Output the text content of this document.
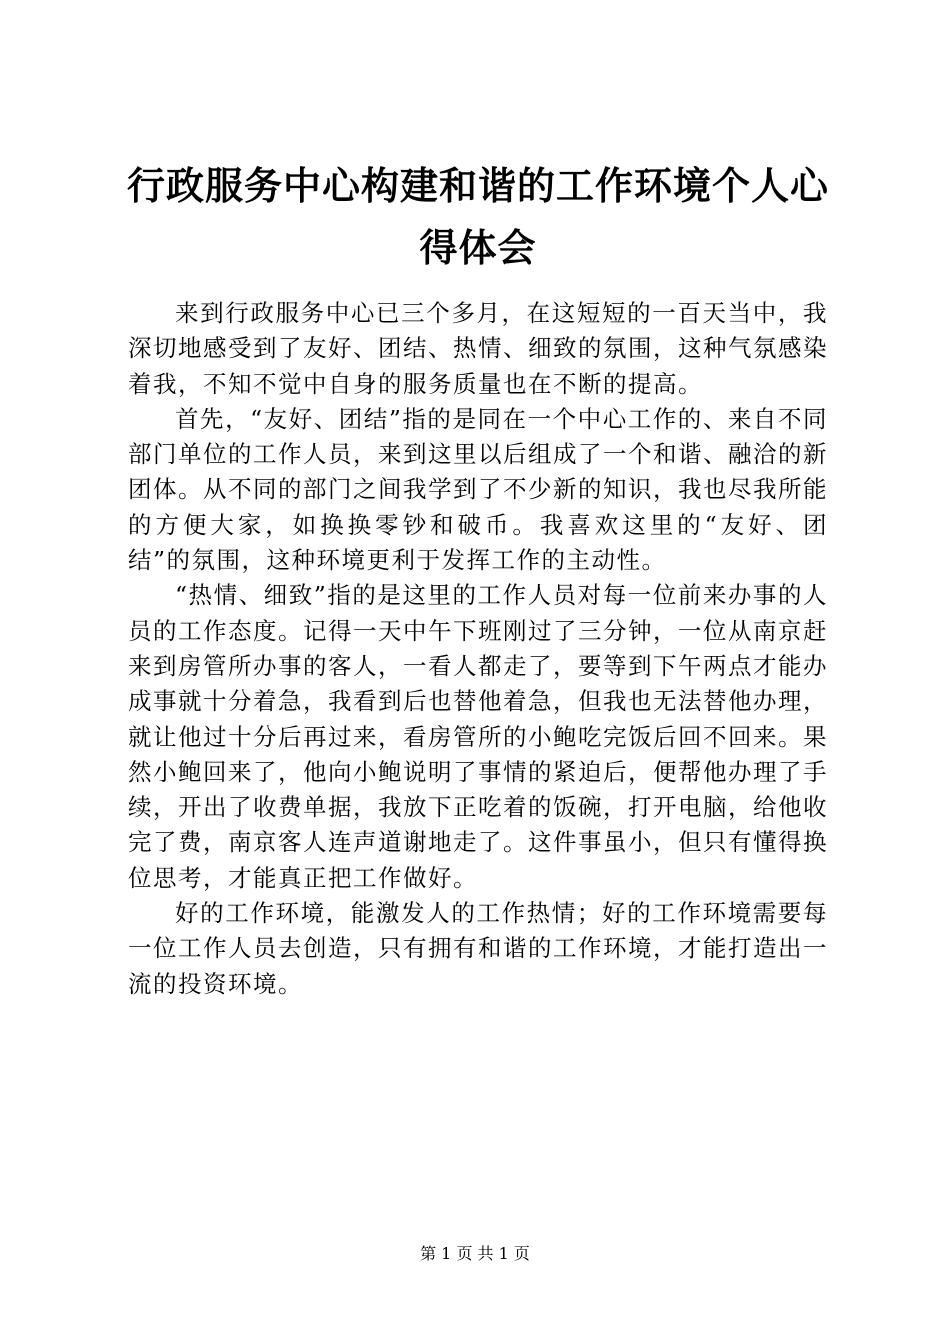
行政服务中心构建和谐的工作环境个人心得体会

来到行政服务中心已三个多月，在这短短的一百天当中，我深切地感受到了友好、团结、热情、细致的氛围，这种气氛感染着我，不知不觉中自身的服务质量也在不断的提高。

首先，“友好、团结”指的是同在一个中心工作的、来自不同部门单位的工作人员，来到这里以后组成了一个和谐、融洽的新团体。从不同的部门之间我学到了不少新的知识，我也尽我所能的方便大家，如换换零钞和破币。我喜欢这里的“友好、团结”的氛围，这种环境更利于发挥工作的主动性。

“热情、细致”指的是这里的工作人员对每一位前来办事的人员的工作态度。记得一天中午下班刚过了三分钟，一位从南京赶来到房管所办事的客人，一看人都走了，要等到下午两点才能办成事就十分着急，我看到后也替他着急，但我也无法替他办理，就让他过十分后再过来，看房管所的小鲍吃完饭后回不回来。果然小鲍回来了，他向小鲍说明了事情的紧迫后，便帮他办理了手续，开出了收费单据，我放下正吃着的饭碗，打开电脑，给他收完了费，南京客人连声道谢地走了。这件事虽小，但只有懂得换位思考，才能真正把工作做好。

好的工作环境，能激发人的工作热情；好的工作环境需要每一位工作人员去创造，只有拥有和谐的工作环境，才能打造出一流的投资环境。

第 1 页 共 1 页
